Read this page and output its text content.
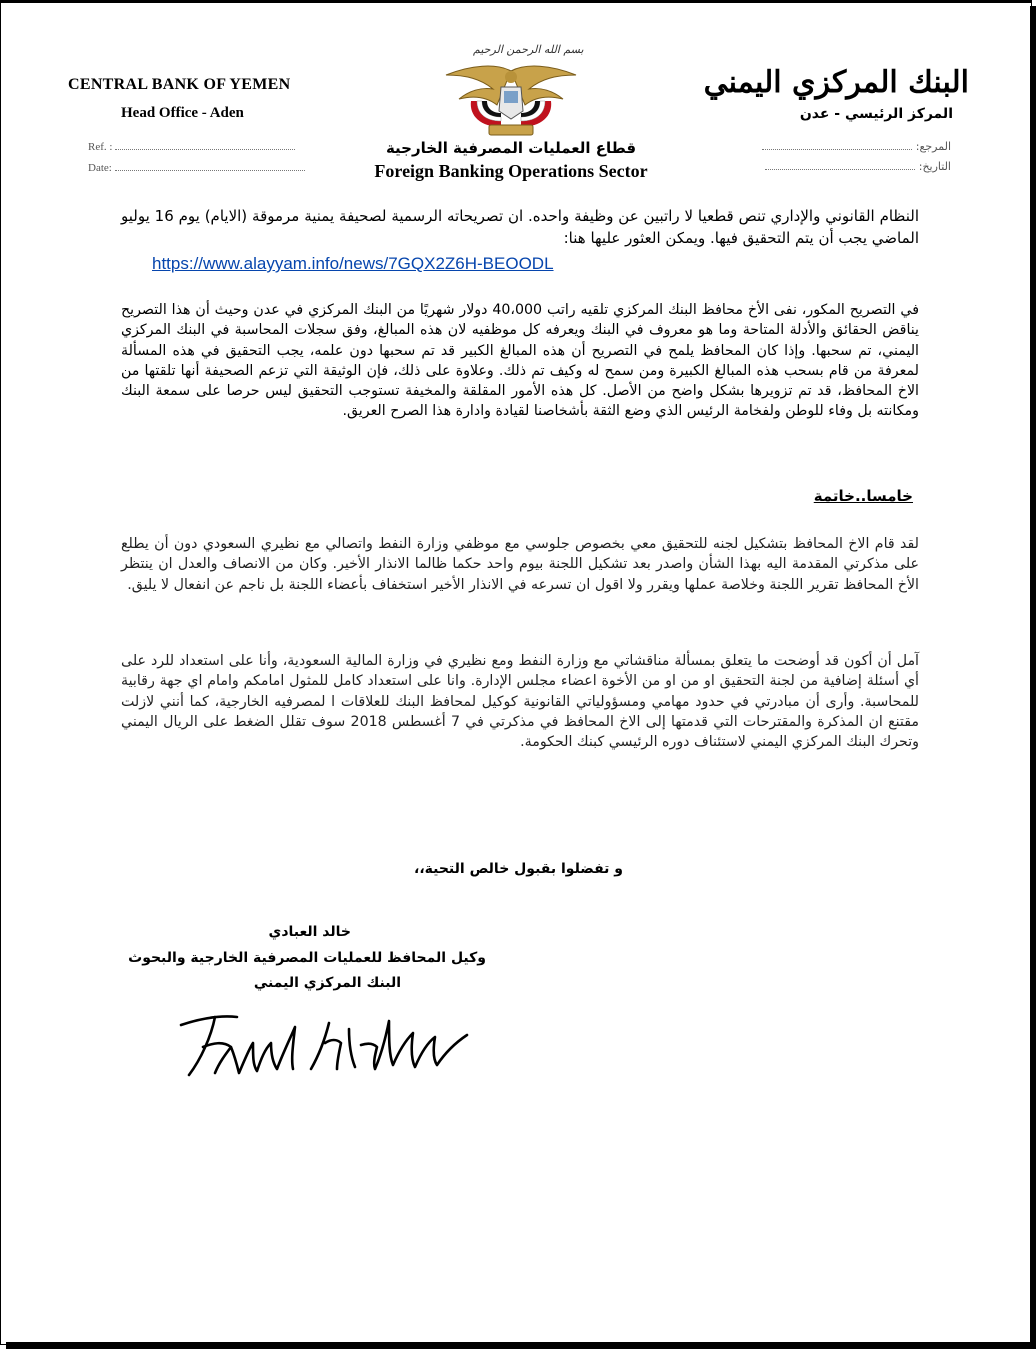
CENTRAL BANK OF YEMEN
Head Office - Aden
البنك المركزي اليمني
المركز الرئيسي - عدن
بسم الله الرحمن الرحيم
Ref. :
Date:
المرجع:
التاريخ:
قطاع العمليات المصرفية الخارجية
Foreign Banking Operations Sector
النظام القانوني والإداري تنص قطعيا لا راتبين عن وظيفة واحده. ان تصريحاته الرسمية لصحيفة يمنية مرموقة (الايام) يوم 16 يوليو الماضي يجب أن يتم التحقيق فيها. ويمكن العثور عليها هنا:
https://www.alayyam.info/news/7GQX2Z6H-BEOODL
في التصريح المكور، نفى الأخ محافظ البنك المركزي تلقيه راتب 40،000 دولار شهريًا من البنك المركزي في عدن وحيث أن هذا التصريح يناقض الحقائق والأدلة المتاحة وما هو معروف في البنك ويعرفه كل موظفيه لان هذه المبالغ، وفق سجلات المحاسبة في البنك المركزي اليمني، تم سحبها. وإذا كان المحافظ يلمح في التصريح أن هذه المبالغ الكبير قد تم سحبها دون علمه، يجب التحقيق في هذه المسألة لمعرفة من قام بسحب هذه المبالغ الكبيرة ومن سمح له وكيف تم ذلك. وعلاوة على ذلك، فإن الوثيقة التي تزعم الصحيفة أنها تلقتها من الاخ المحافظ، قد تم تزويرها بشكل واضح من الأصل. كل هذه الأمور المقلقة والمخيفة تستوجب التحقيق ليس حرصا على سمعة البنك ومكانته بل وفاء للوطن ولفخامة الرئيس الذي وضع الثقة بأشخاصنا لقيادة وادارة هذا الصرح العريق.
خامسا..خاتمة
لقد قام الاخ المحافظ بتشكيل لجنه للتحقيق معي بخصوص جلوسي مع موظفي وزارة النفط واتصالي مع نظيري السعودي دون أن يطلع على مذكرتي المقدمة اليه بهذا الشأن واصدر بعد تشكيل اللجنة بيوم واحد حكما ظالما الانذار الأخير. وكان من الانصاف والعدل ان ينتظر الأخ المحافظ تقرير اللجنة وخلاصة عملها ويقرر ولا اقول ان تسرعه في الانذار الأخير استخفاف بأعضاء اللجنة بل ناجم عن انفعال لا يليق.
آمل أن أكون قد أوضحت ما يتعلق بمسألة مناقشاتي مع وزارة النفط ومع نظيري في وزارة المالية السعودية، وأنا على استعداد للرد على أي أسئلة إضافية من لجنة التحقيق او من او من الأخوة اعضاء مجلس الإدارة. وانا على استعداد كامل للمثول امامكم وامام اي جهة رقابية للمحاسبة. وأرى أن مبادرتي في حدود مهامي ومسؤولياتي القانونية كوكيل لمحافظ البنك للعلاقات ا لمصرفيه الخارجية، كما أنني لازلت مقتنع ان المذكرة والمقترحات التي قدمتها إلى الاخ المحافظ في مذكرتي في 7 أغسطس 2018 سوف تقلل الضغط على الريال اليمني وتحرك البنك المركزي اليمني لاستئناف دوره الرئيسي كبنك الحكومة.
و تفضلوا بقبول خالص التحية،،
خالد العبادي
وكيل المحافظ للعمليات المصرفية الخارجية والبحوث
البنك المركزي اليمني
